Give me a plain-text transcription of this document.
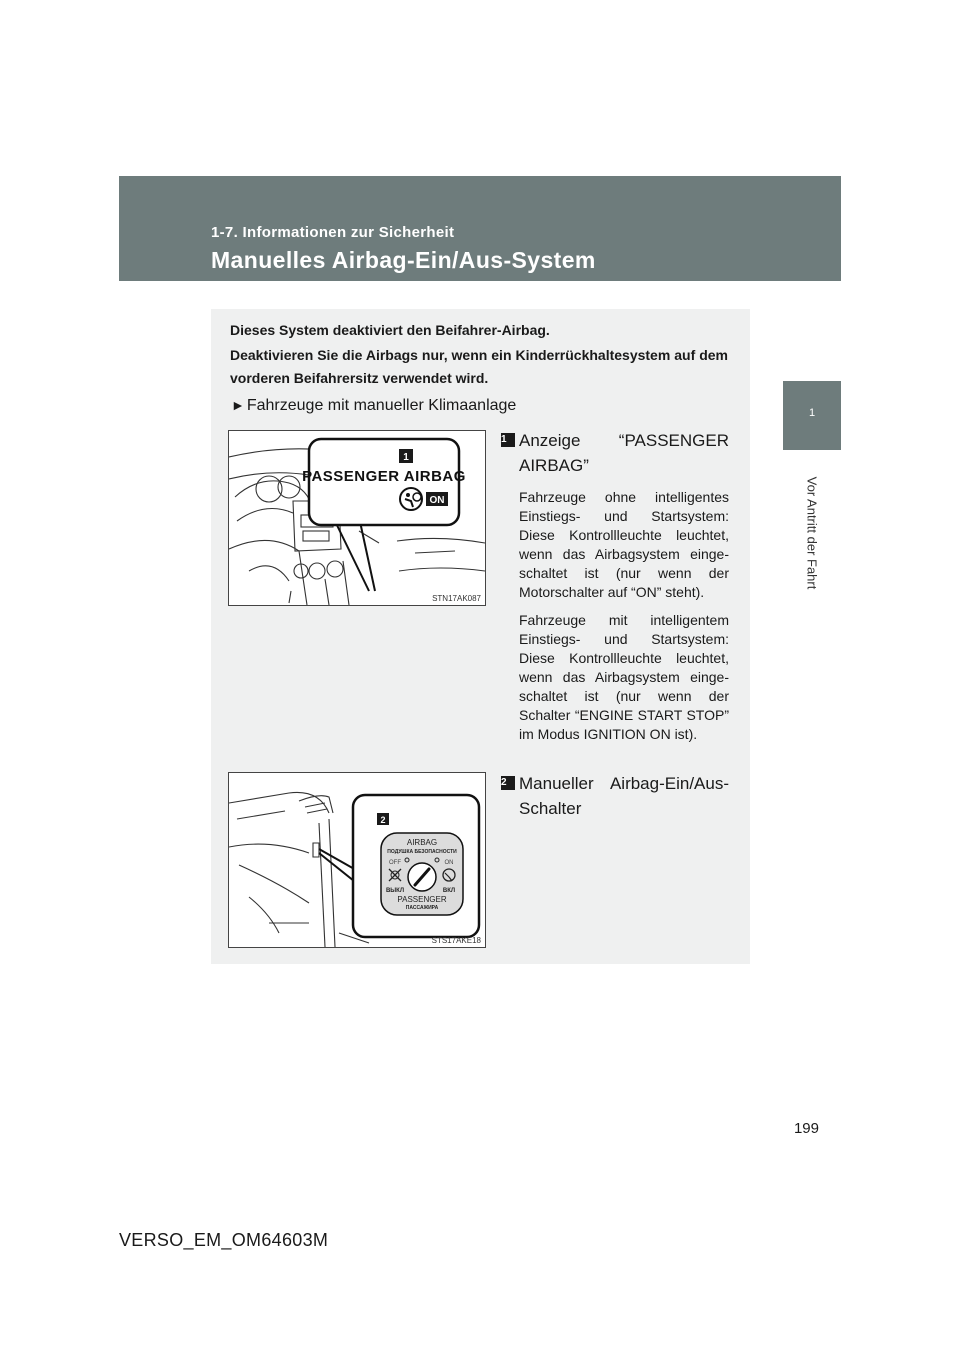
1-7. Informationen zur Sicherheit
Manuelles Airbag-Ein/Aus-System
1
Vor Antritt der Fahrt

Dieses System deaktiviert den Beifahrer-Airbag.

Deaktivieren Sie die Airbags nur, wenn ein Kinderrückhaltesystem auf dem vorderen Beifahrersitz verwendet wird.

► Fahrzeuge mit manueller Klimaanlage
1
PASSENGER AIRBAG
ON
STN17AK087
1 Anzeige “PASSENGER AIRBAG”

Fahrzeuge ohne intelligentes Einstiegs- und Startsystem: Diese Kontrollleuchte leuchtet, wenn das Airbagsystem einge-schaltet ist (nur wenn der Motorschalter auf “ON” steht).

Fahrzeuge mit intelligentem Einstiegs- und Startsystem: Diese Kontrollleuchte leuchtet, wenn das Airbagsystem einge-schaltet ist (nur wenn der Schalter “ENGINE START STOP” im Modus IGNITION ON ist).

2
AIRBAG
ПОДУШКА БЕЗОПАСНОСТИ
OFF	ON
ВЫКЛ	ВКЛ
PASSENGER
ПАССАЖИРА
STS17AKE18
2 Manueller Airbag-Ein/Aus-Schalter
199
VERSO_EM_OM64603M
